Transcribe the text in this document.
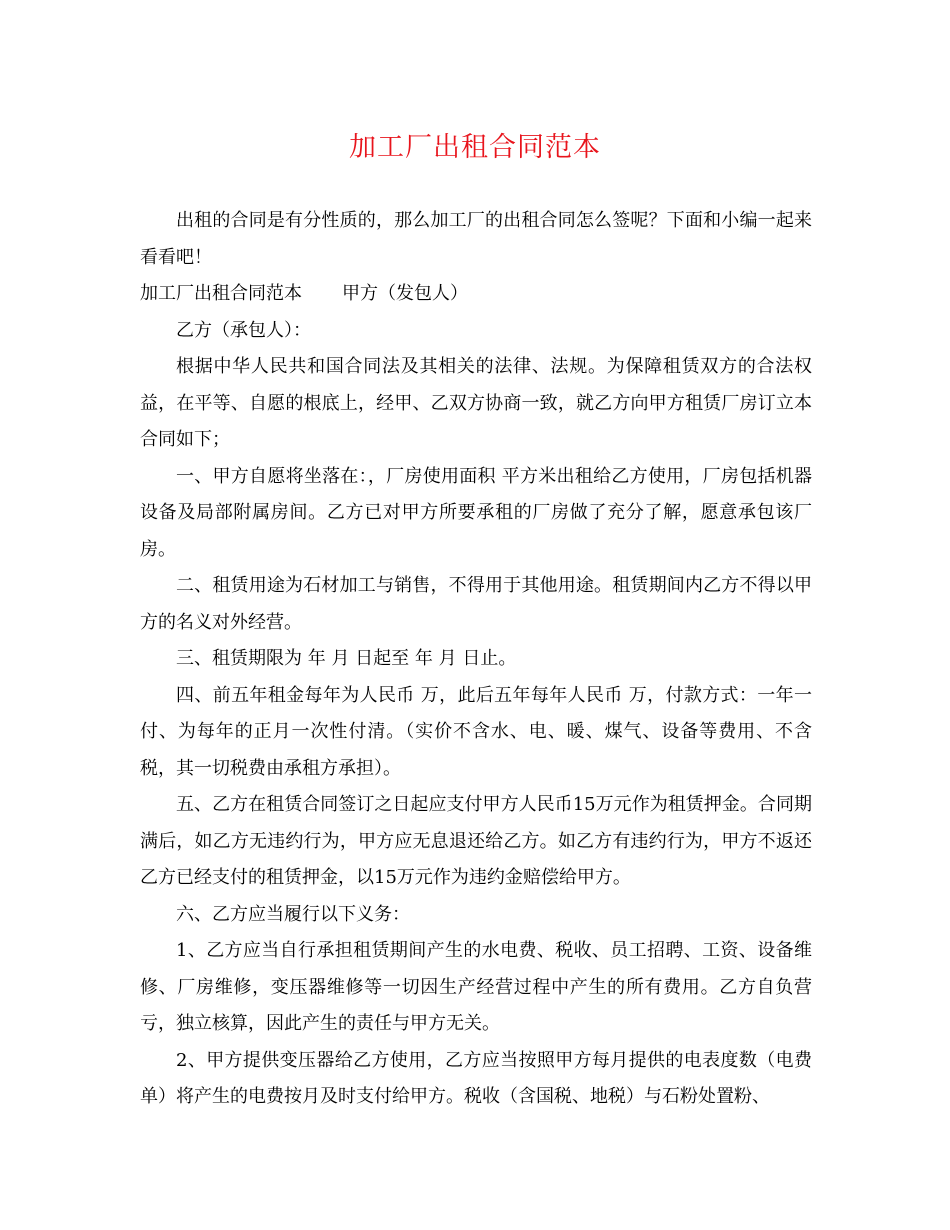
加工厂出租合同范本

出租的合同是有分性质的，那么加工厂的出租合同怎么签呢？下面和小编一起来看看吧！

加工厂出租合同范本 甲方（发包人）

乙方（承包人）：

根据中华人民共和国合同法及其相关的法律、法规。为保障租赁双方的合法权益，在平等、自愿的根底上，经甲、乙双方协商一致，就乙方向甲方租赁厂房订立本合同如下；

一、甲方自愿将坐落在：，厂房使用面积 平方米出租给乙方使用，厂房包括机器设备及局部附属房间。乙方已对甲方所要承租的厂房做了充分了解，愿意承包该厂房。

二、租赁用途为石材加工与销售，不得用于其他用途。租赁期间内乙方不得以甲方的名义对外经营。

三、租赁期限为 年 月 日起至 年 月 日止。

四、前五年租金每年为人民币 万，此后五年每年人民币 万，付款方式：一年一付、为每年的正月一次性付清。（实价不含水、电、暖、煤气、设备等费用、不含税，其一切税费由承租方承担）。

五、乙方在租赁合同签订之日起应支付甲方人民币15万元作为租赁押金。合同期满后，如乙方无违约行为，甲方应无息退还给乙方。如乙方有违约行为，甲方不返还乙方已经支付的租赁押金，以15万元作为违约金赔偿给甲方。

六、乙方应当履行以下义务：

1、乙方应当自行承担租赁期间产生的水电费、税收、员工招聘、工资、设备维修、厂房维修，变压器维修等一切因生产经营过程中产生的所有费用。乙方自负营亏，独立核算，因此产生的责任与甲方无关。

2、甲方提供变压器给乙方使用，乙方应当按照甲方每月提供的电表度数（电费单）将产生的电费按月及时支付给甲方。税收（含国税、地税）与石粉处置粉、
